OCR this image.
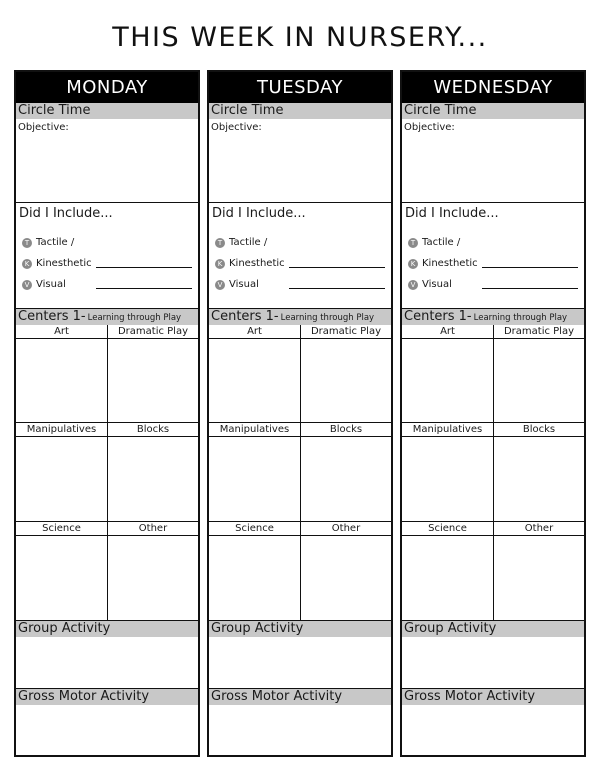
THIS WEEK IN NURSERY...
MONDAY
Circle Time
Objective:
Did I Include...
T Tactile /
K Kinesthetic
V Visual
Centers 1- Learning through Play
Art	Dramatic Play
Manipulatives	Blocks
Science	Other
Group Activity
Gross Motor Activity
TUESDAY
Circle Time
Objective:
Did I Include...
T Tactile /
K Kinesthetic
V Visual
Centers 1- Learning through Play
Art	Dramatic Play
Manipulatives	Blocks
Science	Other
Group Activity
Gross Motor Activity
WEDNESDAY
Circle Time
Objective:
Did I Include...
T Tactile /
K Kinesthetic
V Visual
Centers 1- Learning through Play
Art	Dramatic Play
Manipulatives	Blocks
Science	Other
Group Activity
Gross Motor Activity
